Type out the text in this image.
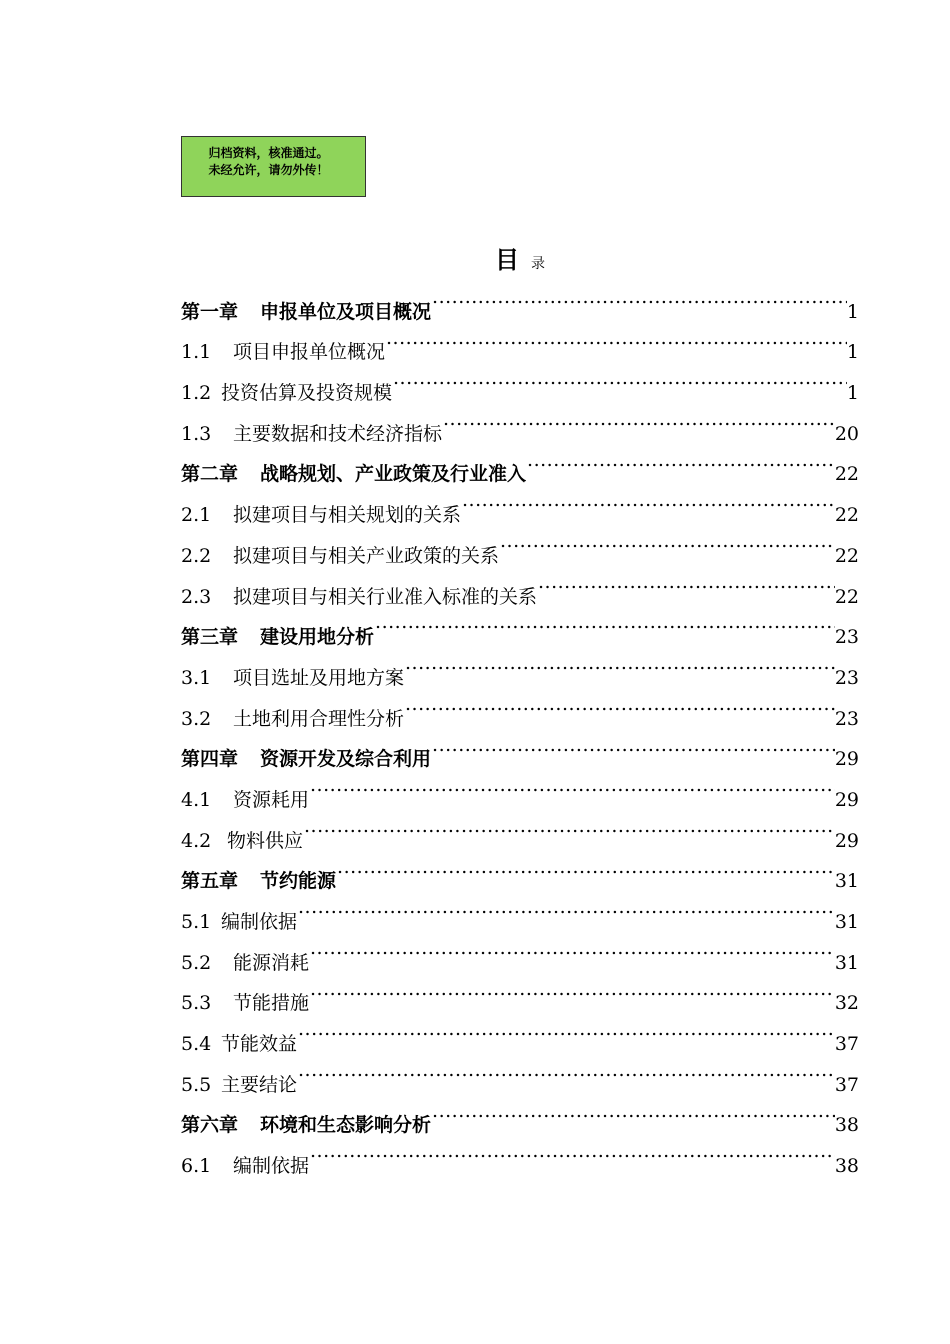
归档资料，核准通过。
未经允许，请勿外传！
目录
第一章 申报单位及项目概况 .....	1
1.1 项目申报单位概况 .....	1
1.2 投资估算及投资规模 .....	1
1.3 主要数据和技术经济指标 .....	20
第二章 战略规划、产业政策及行业准入 .....	22
2.1 拟建项目与相关规划的关系 .....	22
2.2 拟建项目与相关产业政策的关系 .....	22
2.3 拟建项目与相关行业准入标准的关系 .....	22
第三章 建设用地分析 .....	23
3.1 项目选址及用地方案 .....	23
3.2 土地利用合理性分析 .....	23
第四章 资源开发及综合利用 .....	29
4.1 资源耗用 .....	29
4.2 物料供应 .....	29
第五章 节约能源 .....	31
5.1 编制依据 .....	31
5.2 能源消耗 .....	31
5.3 节能措施 .....	32
5.4 节能效益 .....	37
5.5 主要结论 .....	37
第六章 环境和生态影响分析 .....	38
6.1 编制依据 .....	38
